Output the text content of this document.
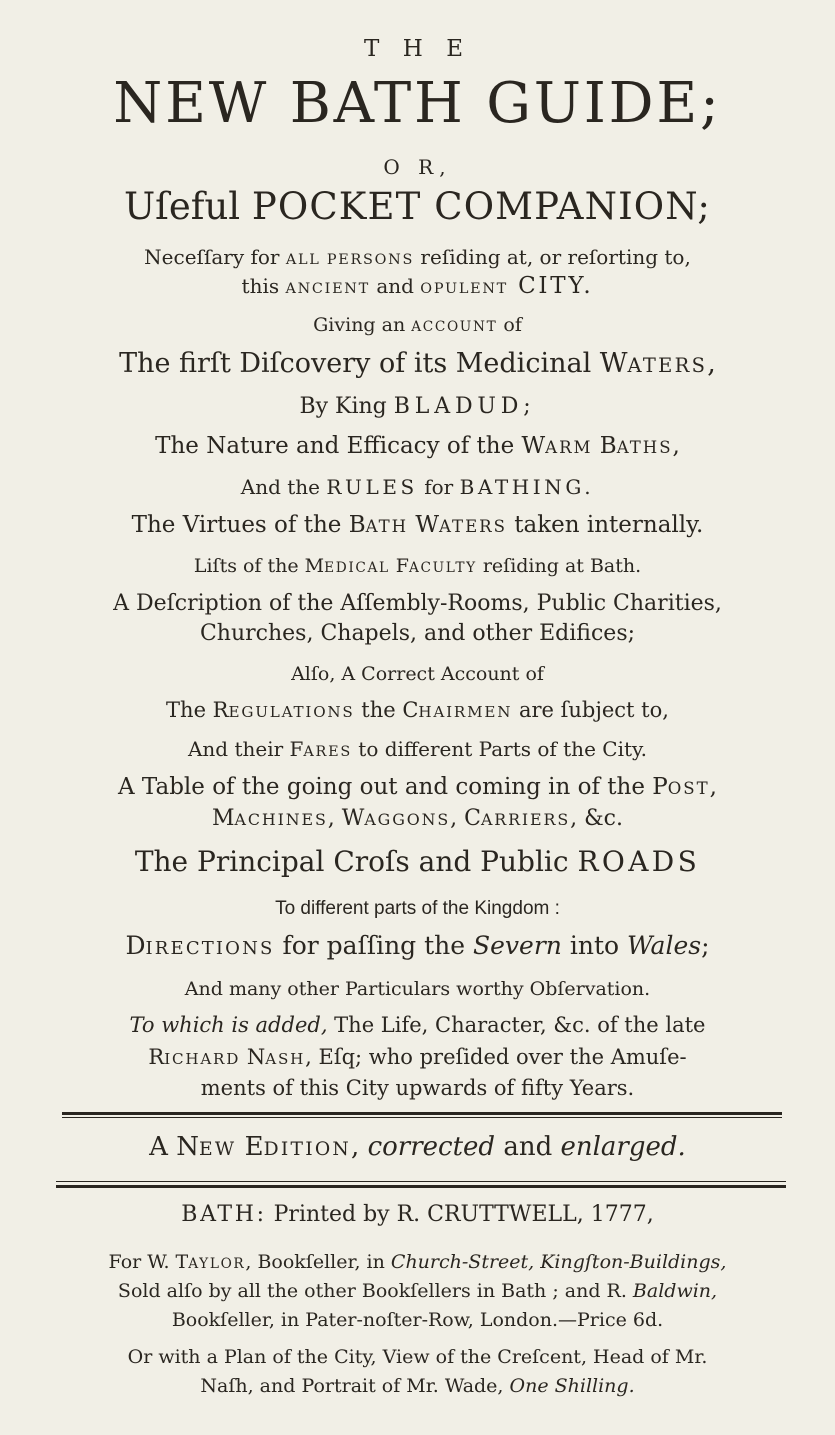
T H E
NEW BATH GUIDE;
O R,
Uſeful POCKET COMPANION;
Neceſſary for ALL PERSONS reſiding at, or reſorting to,
this ANCIENT and OPULENT CITY.
Giving an ACCOUNT of
The firſt Diſcovery of its Medicinal WATERS,
By King BLADUD;
The Nature and Efficacy of the WARM BATHS,
And the RULES for BATHING.
The Virtues of the BATH WATERS taken internally.
Liſts of the MEDICAL FACULTY reſiding at Bath.
A Deſcription of the Aſſembly-Rooms, Public Charities,
Churches, Chapels, and other Edifices;
Alſo, A Correct Account of
The REGULATIONS the CHAIRMEN are ſubject to,
And their FARES to different Parts of the City.
A Table of the going out and coming in of the POST,
MACHINES, WAGGONS, CARRIERS, &c.
The Principal Croſs and Public ROADS
To different parts of the Kingdom :
DIRECTIONS for paſſing the Severn into Wales;
And many other Particulars worthy Obſervation.
To which is added, The Life, Character, &c. of the late
RICHARD NASH, Eſq; who preſided over the Amuſe-
ments of this City upwards of fifty Years.
A NEW EDITION, corrected and enlarged.
BATH: Printed by R. CRUTTWELL, 1777,
For W. TAYLOR, Bookſeller, in Church-Street, Kingſton-Buildings,
Sold alſo by all the other Bookſellers in Bath ; and R. Baldwin,
Bookſeller, in Pater-noſter-Row, London.—Price 6d.
Or with a Plan of the City, View of the Creſcent, Head of Mr.
Naſh, and Portrait of Mr. Wade, One Shilling.
